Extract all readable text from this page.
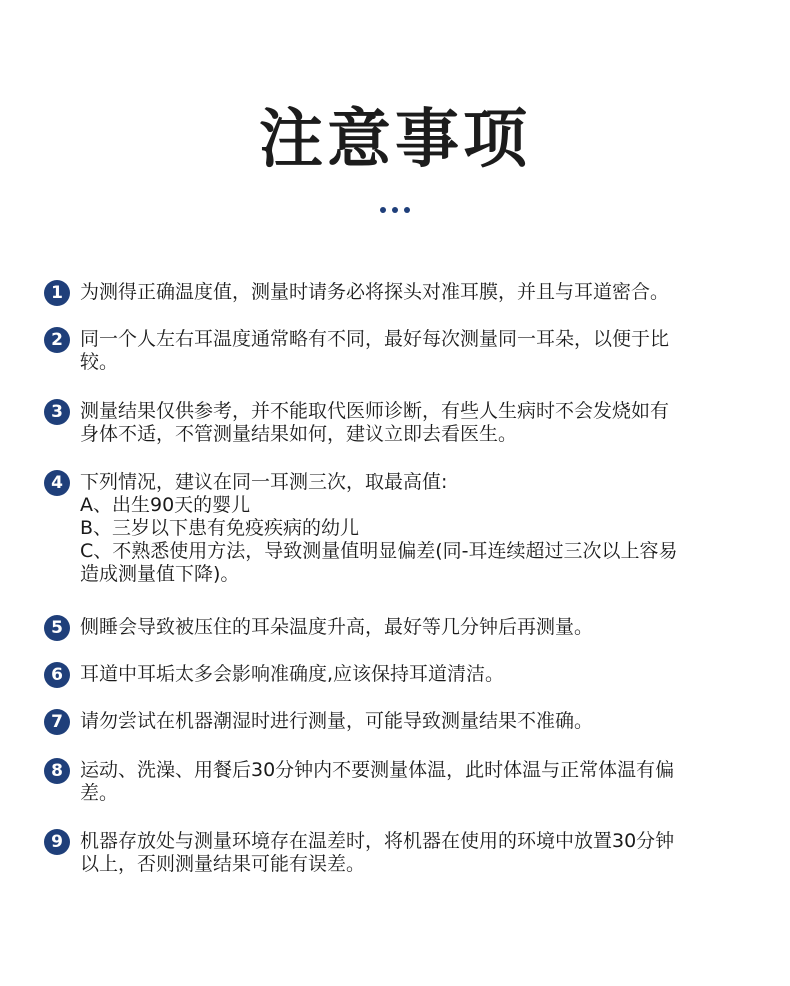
注意事项
1 为测得正确温度值，测量时请务必将探头对准耳膜，并且与耳道密合。
2 同一个人左右耳温度通常略有不同，最好每次测量同一耳朵，以便于比
较。
3 测量结果仅供参考，并不能取代医师诊断，有些人生病时不会发烧如有
身体不适，不管测量结果如何，建议立即去看医生。
4 下列情况，建议在同一耳测三次，取最高值:
A、出生90天的婴儿
B、三岁以下患有免疫疾病的幼儿
C、不熟悉使用方法，导致测量值明显偏差(同-耳连续超过三次以上容易
造成测量值下降)。
5 侧睡会导致被压住的耳朵温度升高，最好等几分钟后再测量。
6 耳道中耳垢太多会影响准确度,应该保持耳道清洁。
7 请勿尝试在机器潮湿时进行测量，可能导致测量结果不准确。
8 运动、洗澡、用餐后30分钟内不要测量体温，此时体温与正常体温有偏
差。
9 机器存放处与测量环境存在温差时，将机器在使用的环境中放置30分钟
以上，否则测量结果可能有误差。
